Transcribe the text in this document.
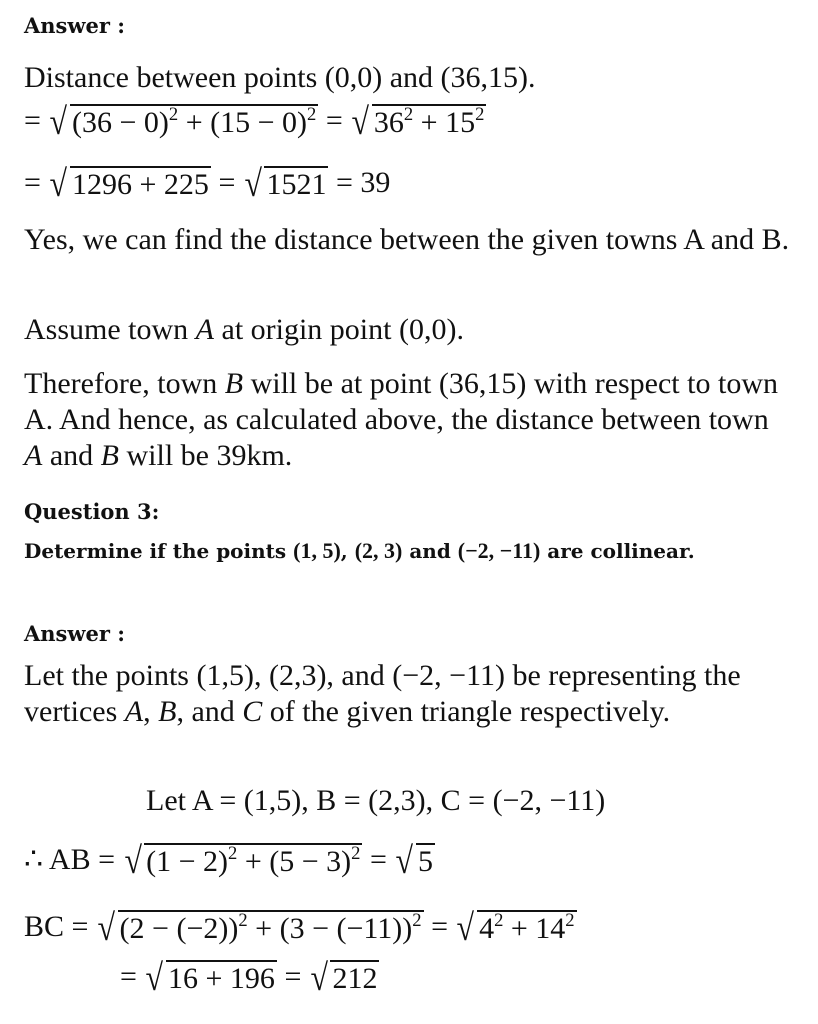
Answer :
Distance between points (0,0) and (36,15).
= √ $(36 - 0)^2 + (15 - 0)^2$ = √ $36^2 + 15^2$
= √ 1296 + 225 = √ 1521 = 39
Yes, we can find the distance between the given towns A and B.
Assume town A at origin point (0,0).
Therefore, town B will be at point (36,15) with respect to town A. And hence, as calculated above, the distance between town A and B will be 39km.
Question 3:
Determine if the points (1, 5), (2, 3) and (−2, −11) are collinear.
Answer :
Let the points (1,5), (2,3), and (−2, −11) be representing the vertices A, B, and C of the given triangle respectively.
Let A = (1,5), B = (2,3), C = (−2, −11)
∴ AB = √ $(1 - 2)^2 + (5 - 3)^2$ = √ 5
BC = √ $(2 - (-2))^2 + (3 - (-11))^2$ = √ $4^2 + 14^2$
= √ 16 + 196 = √ 212
